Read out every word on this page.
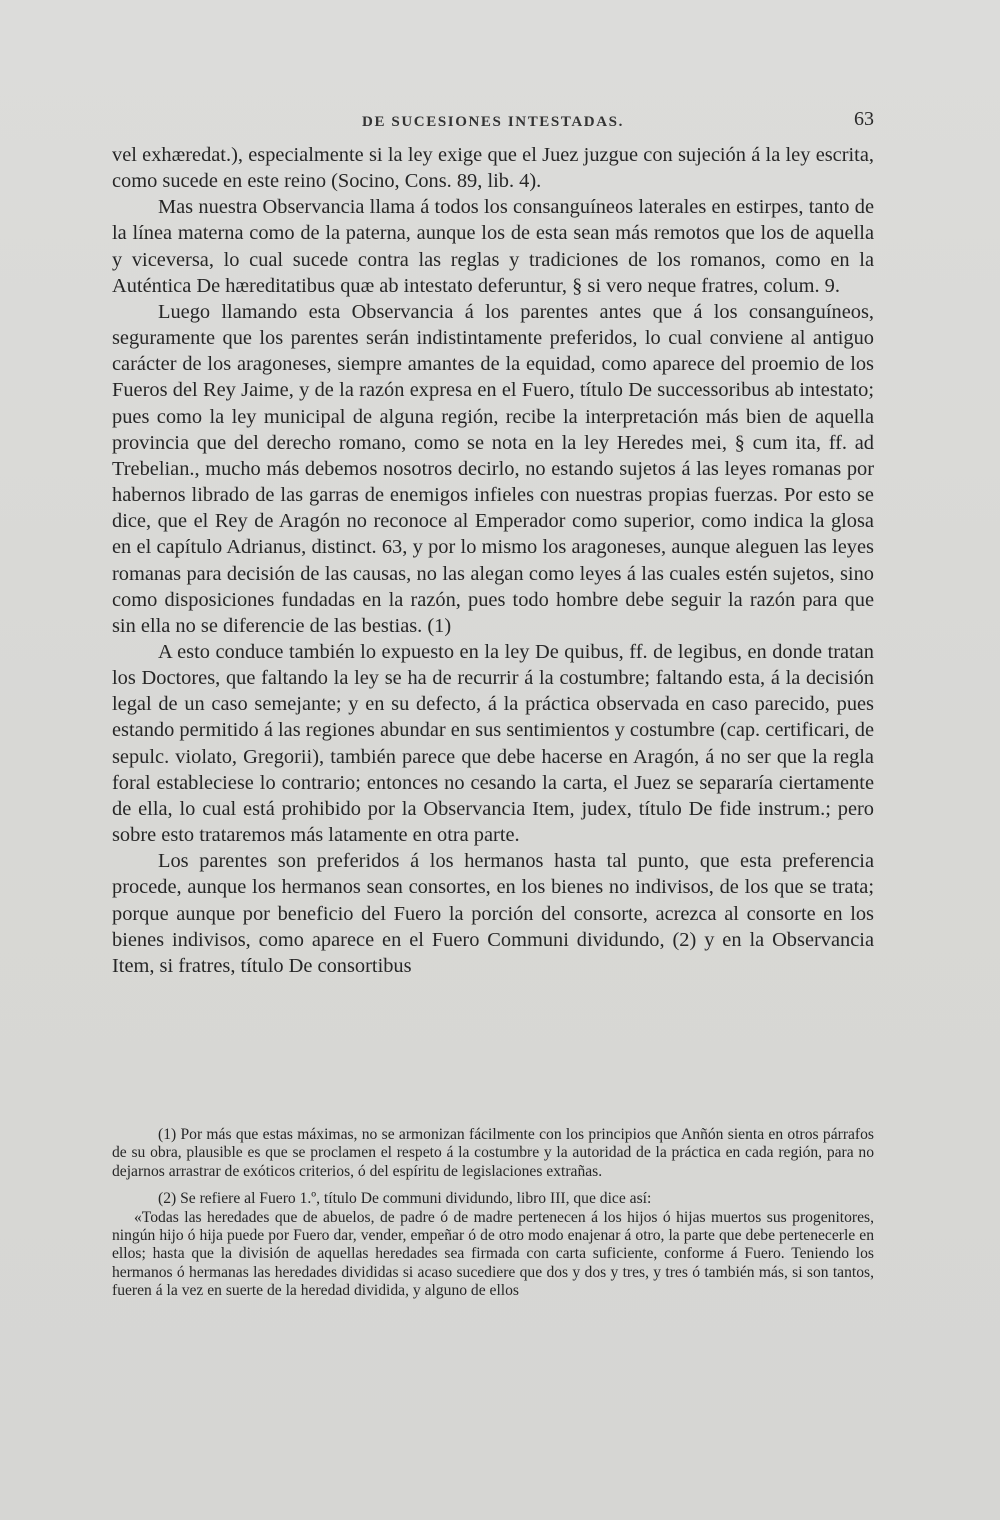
DE SUCESIONES INTESTADAS.	63

vel exhæredat.), especialmente si la ley exige que el Juez juzgue con sujeción á la ley escrita, como sucede en este reino (Socino, Cons. 89, lib. 4).

Mas nuestra Observancia llama á todos los consanguíneos laterales en estirpes, tanto de la línea materna como de la paterna, aunque los de esta sean más remotos que los de aquella y viceversa, lo cual sucede contra las reglas y tradiciones de los romanos, como en la Auténtica De hæreditatibus quæ ab intestato deferuntur, § si vero neque fratres, colum. 9.

Luego llamando esta Observancia á los parentes antes que á los consanguíneos, seguramente que los parentes serán indistintamente preferidos, lo cual conviene al antiguo carácter de los aragoneses, siempre amantes de la equidad, como aparece del proemio de los Fueros del Rey Jaime, y de la razón expresa en el Fuero, título De successoribus ab intestato; pues como la ley municipal de alguna región, recibe la interpretación más bien de aquella provincia que del derecho romano, como se nota en la ley Heredes mei, § cum ita, ff. ad Trebelian., mucho más debemos nosotros decirlo, no estando sujetos á las leyes romanas por habernos librado de las garras de enemigos infieles con nuestras propias fuerzas. Por esto se dice, que el Rey de Aragón no reconoce al Emperador como superior, como indica la glosa en el capítulo Adrianus, distinct. 63, y por lo mismo los aragoneses, aunque aleguen las leyes romanas para decisión de las causas, no las alegan como leyes á las cuales estén sujetos, sino como disposiciones fundadas en la razón, pues todo hombre debe seguir la razón para que sin ella no se diferencie de las bestias. (1)

A esto conduce también lo expuesto en la ley De quibus, ff. de legibus, en donde tratan los Doctores, que faltando la ley se ha de recurrir á la costumbre; faltando esta, á la decisión legal de un caso semejante; y en su defecto, á la práctica observada en caso parecido, pues estando permitido á las regiones abundar en sus sentimientos y costumbre (cap. certificari, de sepulc. violato, Gregorii), también parece que debe hacerse en Aragón, á no ser que la regla foral estableciese lo contrario; entonces no cesando la carta, el Juez se separaría ciertamente de ella, lo cual está prohibido por la Observancia Item, judex, título De fide instrum.; pero sobre esto trataremos más latamente en otra parte.

Los parentes son preferidos á los hermanos hasta tal punto, que esta preferencia procede, aunque los hermanos sean consortes, en los bienes no indivisos, de los que se trata; porque aunque por beneficio del Fuero la porción del consorte, acrezca al consorte en los bienes indivisos, como aparece en el Fuero Communi dividundo, (2) y en la Observancia Item, si fratres, título De consortibus

(1) Por más que estas máximas, no se armonizan fácilmente con los principios que Anñón sienta en otros párrafos de su obra, plausible es que se proclamen el respeto á la costumbre y la autoridad de la práctica en cada región, para no dejarnos arrastrar de exóticos criterios, ó del espíritu de legislaciones extrañas.

(2) Se refiere al Fuero 1.º, título De communi dividundo, libro III, que dice así:

«Todas las heredades que de abuelos, de padre ó de madre pertenecen á los hijos ó hijas muertos sus progenitores, ningún hijo ó hija puede por Fuero dar, vender, empeñar ó de otro modo enajenar á otro, la parte que debe pertenecerle en ellos; hasta que la división de aquellas heredades sea firmada con carta suficiente, conforme á Fuero. Teniendo los hermanos ó hermanas las heredades divididas si acaso sucediere que dos y dos y tres, y tres ó también más, si son tantos, fueren á la vez en suerte de la heredad dividida, y alguno de ellos
